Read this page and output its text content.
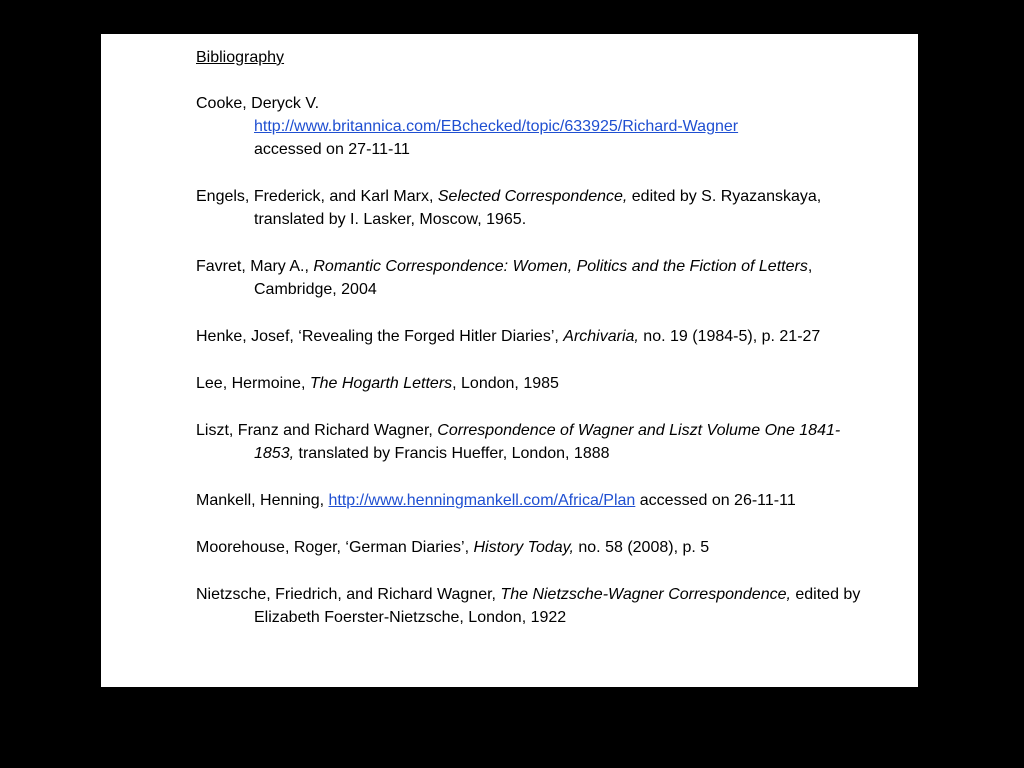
Bibliography
Cooke, Deryck V.
http://www.britannica.com/EBchecked/topic/633925/Richard-Wagner
accessed on 27-11-11
Engels, Frederick, and Karl Marx, Selected Correspondence, edited by S. Ryazanskaya, translated by I. Lasker, Moscow, 1965.
Favret, Mary A., Romantic Correspondence: Women, Politics and the Fiction of Letters, Cambridge, 2004
Henke, Josef, ‘Revealing the Forged Hitler Diaries’, Archivaria, no. 19 (1984-5), p. 21-27
Lee, Hermoine, The Hogarth Letters, London, 1985
Liszt, Franz and Richard Wagner, Correspondence of Wagner and Liszt Volume One 1841-1853, translated by Francis Hueffer, London, 1888
Mankell, Henning, http://www.henningmankell.com/Africa/Plan accessed on 26-11-11
Moorehouse, Roger, ‘German Diaries’, History Today, no. 58 (2008), p. 5
Nietzsche, Friedrich, and Richard Wagner, The Nietzsche-Wagner Correspondence, edited by Elizabeth Foerster-Nietzsche, London, 1922
